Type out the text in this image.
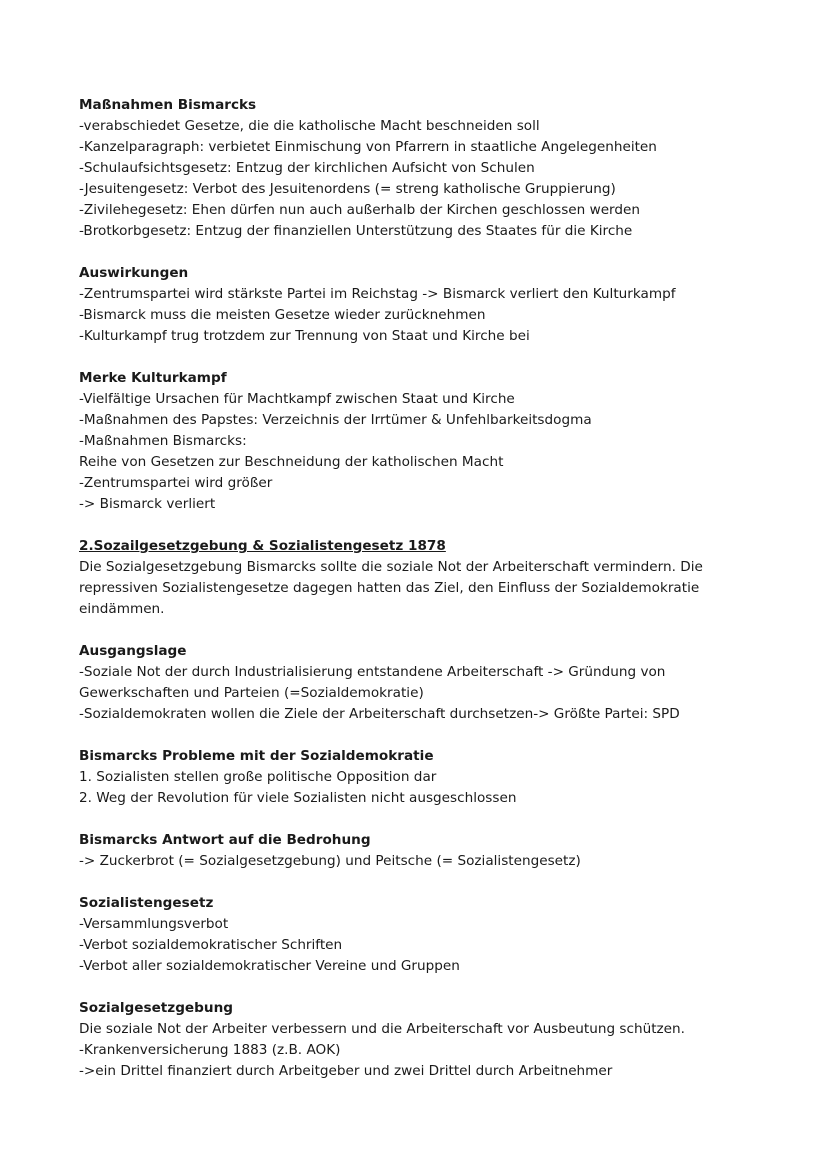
Maßnahmen Bismarcks
-verabschiedet Gesetze, die die katholische Macht beschneiden soll
-Kanzelparagraph: verbietet Einmischung von Pfarrern in staatliche Angelegenheiten
-Schulaufsichtsgesetz: Entzug der kirchlichen Aufsicht von Schulen
-Jesuitengesetz: Verbot des Jesuitenordens (= streng katholische Gruppierung)
-Zivilehegesetz: Ehen dürfen nun auch außerhalb der Kirchen geschlossen werden
-Brotkorbgesetz: Entzug der finanziellen Unterstützung des Staates für die Kirche
Auswirkungen
-Zentrumspartei wird stärkste Partei im Reichstag -> Bismarck verliert den Kulturkampf
-Bismarck muss die meisten Gesetze wieder zurücknehmen
-Kulturkampf trug trotzdem zur Trennung von Staat und Kirche bei
Merke Kulturkampf
-Vielfältige Ursachen für Machtkampf zwischen Staat und Kirche
-Maßnahmen des Papstes: Verzeichnis der Irrtümer & Unfehlbarkeitsdogma
-Maßnahmen Bismarcks:
Reihe von Gesetzen zur Beschneidung der katholischen Macht
-Zentrumspartei wird größer
-> Bismarck verliert
2.Sozailgesetzgebung & Sozialistengesetz 1878
Die Sozialgesetzgebung Bismarcks sollte die soziale Not der Arbeiterschaft vermindern. Die repressiven Sozialistengesetze dagegen hatten das Ziel, den Einfluss der Sozialdemokratie eindämmen.
Ausgangslage
-Soziale Not der durch Industrialisierung entstandene Arbeiterschaft -> Gründung von
Gewerkschaften und Parteien (=Sozialdemokratie)
-Sozialdemokraten wollen die Ziele der Arbeiterschaft durchsetzen-> Größte Partei: SPD
Bismarcks Probleme mit der Sozialdemokratie
1. Sozialisten stellen große politische Opposition dar
2. Weg der Revolution für viele Sozialisten nicht ausgeschlossen
Bismarcks Antwort auf die Bedrohung
-> Zuckerbrot (= Sozialgesetzgebung) und Peitsche (= Sozialistengesetz)
Sozialistengesetz
-Versammlungsverbot
-Verbot sozialdemokratischer Schriften
-Verbot aller sozialdemokratischer Vereine und Gruppen
Sozialgesetzgebung
Die soziale Not der Arbeiter verbessern und die Arbeiterschaft vor Ausbeutung schützen.
-Krankenversicherung 1883 (z.B. AOK)
->ein Drittel finanziert durch Arbeitgeber und zwei Drittel durch Arbeitnehmer
